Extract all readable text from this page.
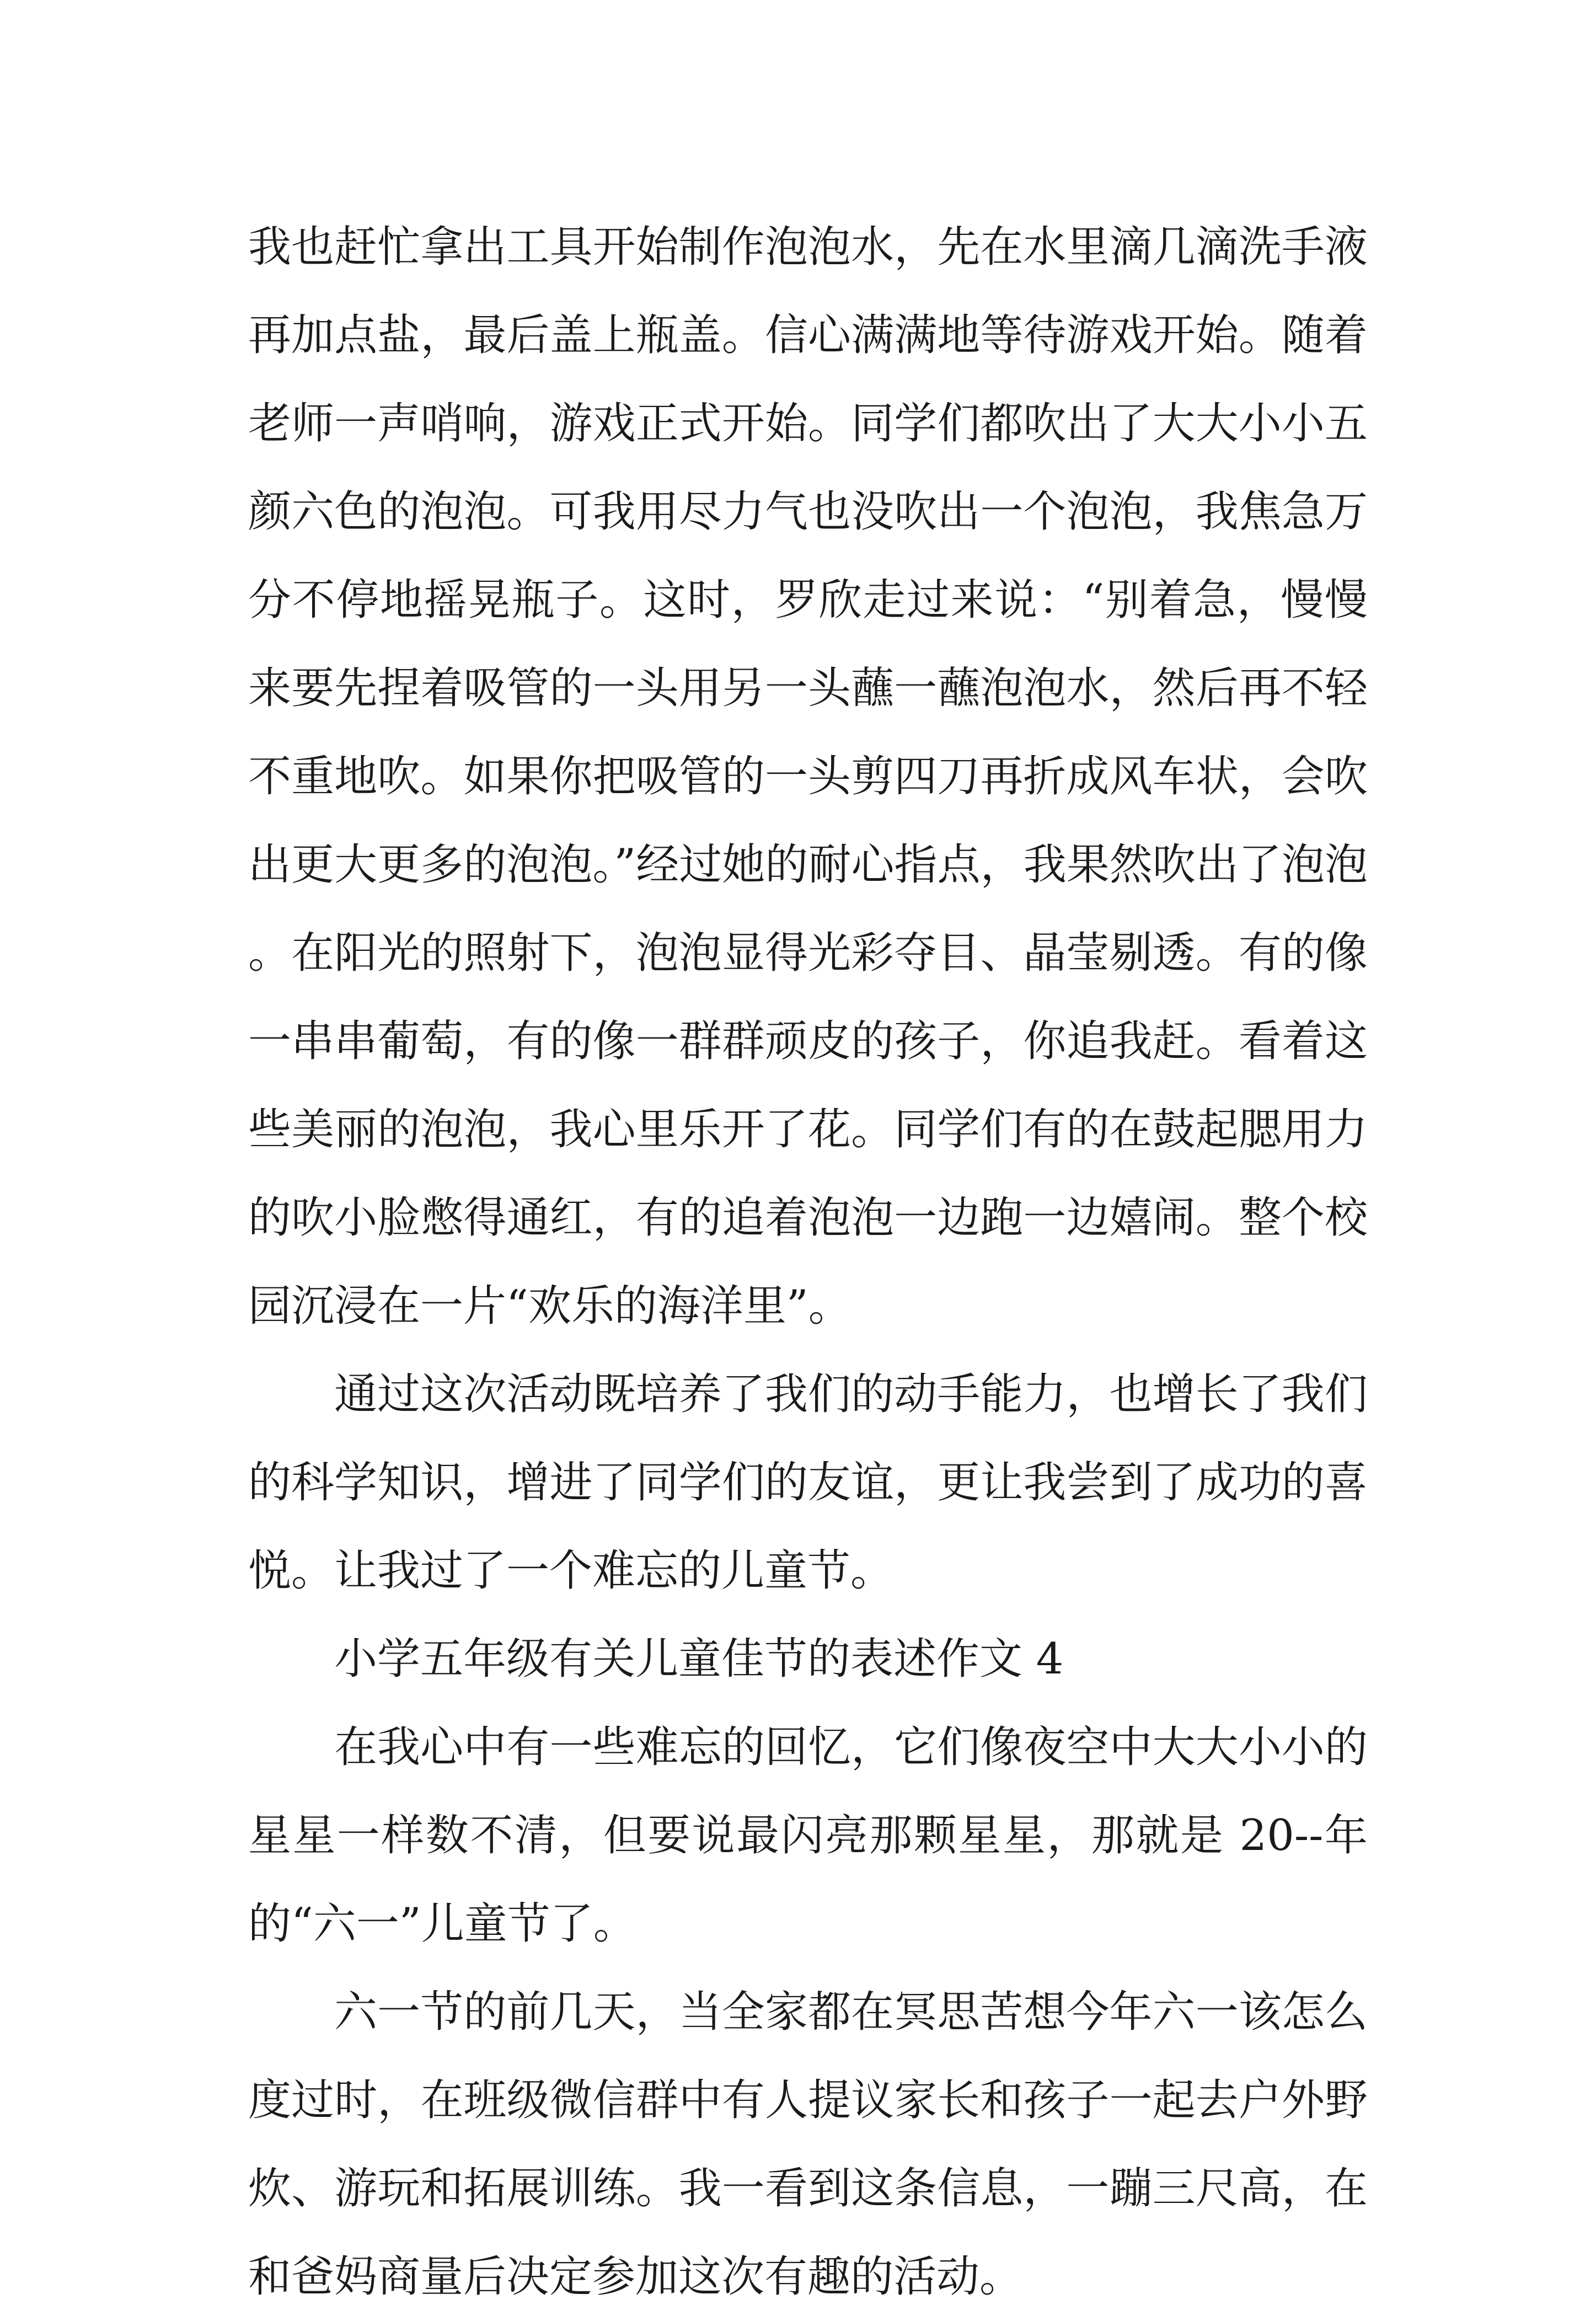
我也赶忙拿出工具开始制作泡泡水，先在水里滴几滴洗手液再加点盐，最后盖上瓶盖。信心满满地等待游戏开始。随着老师一声哨响，游戏正式开始。同学们都吹出了大大小小五颜六色的泡泡。可我用尽力气也没吹出一个泡泡，我焦急万分不停地摇晃瓶子。这时，罗欣走过来说：“别着急，慢慢来要先捏着吸管的一头用另一头蘸一蘸泡泡水，然后再不轻不重地吹。如果你把吸管的一头剪四刀再折成风车状，会吹出更大更多的泡泡。”经过她的耐心指点，我果然吹出了泡泡。在阳光的照射下，泡泡显得光彩夺目、晶莹剔透。有的像一串串葡萄，有的像一群群顽皮的孩子，你追我赶。看着这些美丽的泡泡，我心里乐开了花。同学们有的在鼓起腮用力的吹小脸憋得通红，有的追着泡泡一边跑一边嬉闹。整个校园沉浸在一片“欢乐的海洋里”。

通过这次活动既培养了我们的动手能力，也增长了我们的科学知识，增进了同学们的友谊，更让我尝到了成功的喜悦。让我过了一个难忘的儿童节。

小学五年级有关儿童佳节的表述作文 4

在我心中有一些难忘的回忆，它们像夜空中大大小小的星星一样数不清，但要说最闪亮那颗星星，那就是 20--年的“六一”儿童节了。

六一节的前几天，当全家都在冥思苦想今年六一该怎么度过时，在班级微信群中有人提议家长和孩子一起去户外野炊、游玩和拓展训练。我一看到这条信息，一蹦三尺高，在和爸妈商量后决定参加这次有趣的活动。
